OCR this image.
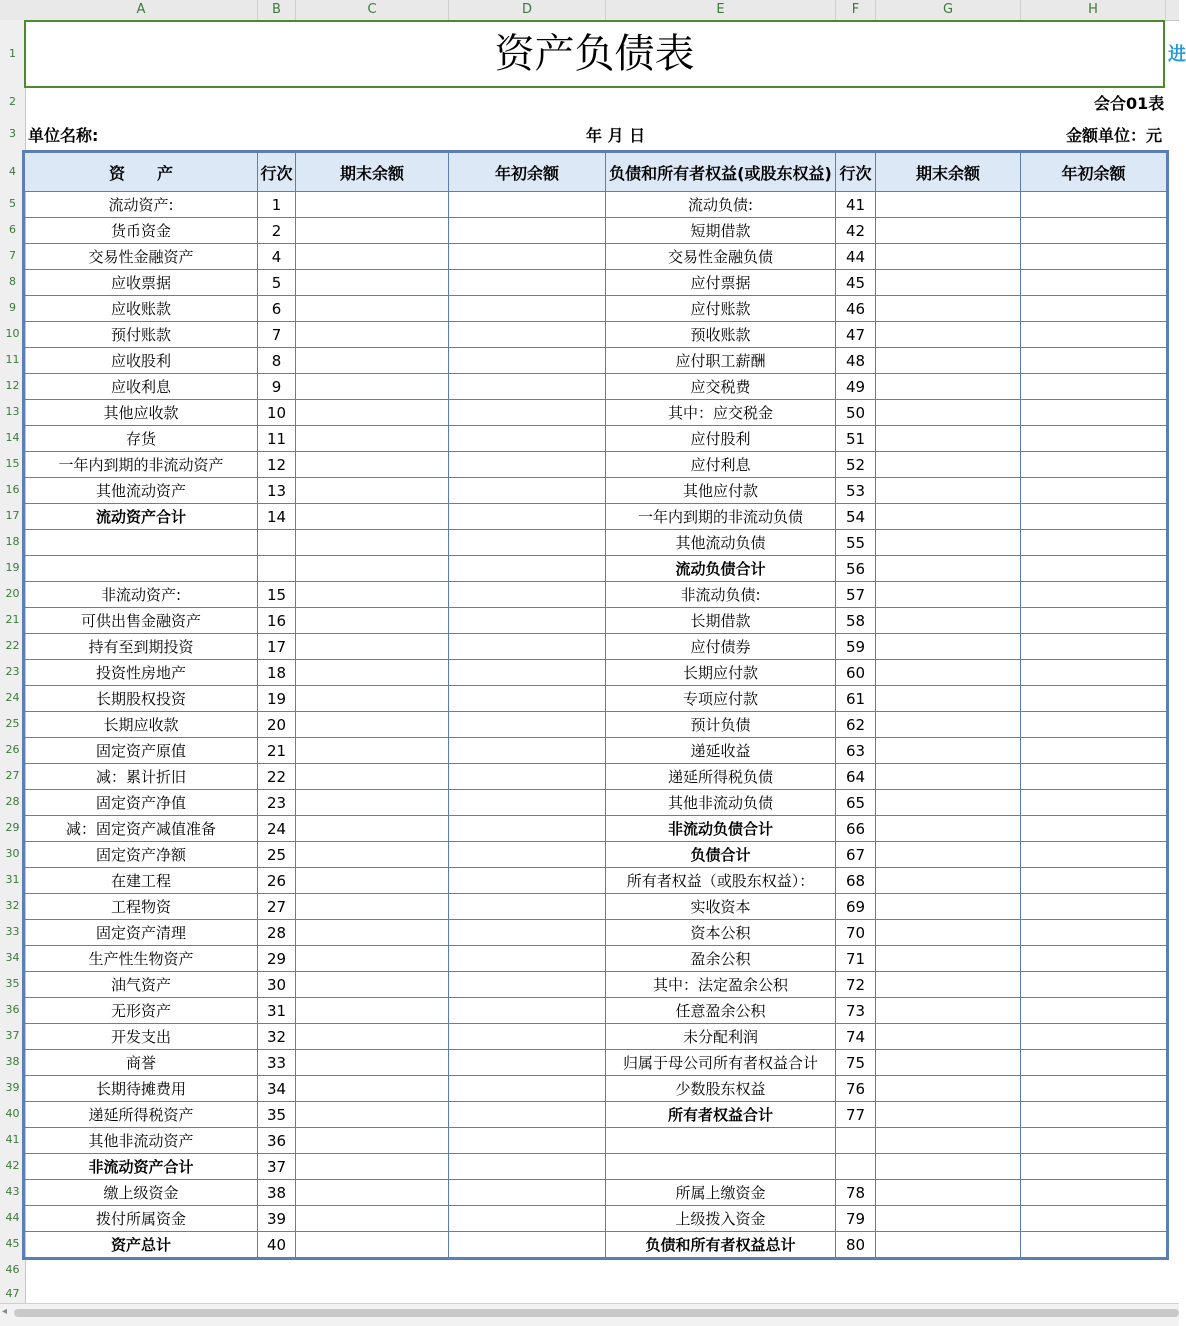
A	B	C	D	E	F	G	H
1
2
3
4
5
6
7
8
9
10
11
12
13
14
15
16
17
18
19
20
21
22
23
24
25
26
27
28
29
30
31
32
33
34
35
36
37
38
39
40
41
42
43
44
45
46
47
资产负债表	进
会合01表
单位名称:	年 月 日	金额单位：元
资　　产	行次	期末余额	年初余额	负债和所有者权益(或股东权益)	行次	期末余额	年初余额
流动资产:	1			流动负债:	41		
货币资金	2			短期借款	42		
交易性金融资产	4			交易性金融负债	44		
应收票据	5			应付票据	45		
应收账款	6			应付账款	46		
预付账款	7			预收账款	47		
应收股利	8			应付职工薪酬	48		
应收利息	9			应交税费	49		
其他应收款	10			其中：应交税金	50		
存货	11			应付股利	51		
一年内到期的非流动资产	12			应付利息	52		
其他流动资产	13			其他应付款	53		
流动资产合计	14			一年内到期的非流动负债	54		
				其他流动负债	55		
				流动负债合计	56		
非流动资产:	15			非流动负债:	57		
可供出售金融资产	16			长期借款	58		
持有至到期投资	17			应付债券	59		
投资性房地产	18			长期应付款	60		
长期股权投资	19			专项应付款	61		
长期应收款	20			预计负债	62		
固定资产原值	21			递延收益	63		
减：累计折旧	22			递延所得税负债	64		
固定资产净值	23			其他非流动负债	65		
减：固定资产减值准备	24			非流动负债合计	66		
固定资产净额	25			负债合计	67		
在建工程	26			所有者权益（或股东权益）：	68		
工程物资	27			实收资本	69		
固定资产清理	28			资本公积	70		
生产性生物资产	29			盈余公积	71		
油气资产	30			其中：法定盈余公积	72		
无形资产	31			任意盈余公积	73		
开发支出	32			未分配利润	74		
商誉	33			归属于母公司所有者权益合计	75		
长期待摊费用	34			少数股东权益	76		
递延所得税资产	35			所有者权益合计	77		
其他非流动资产	36						
非流动资产合计	37						
缴上级资金	38			所属上缴资金	78		
拨付所属资金	39			上级拨入资金	79		
资产总计	40			负债和所有者权益总计	80		
◂
